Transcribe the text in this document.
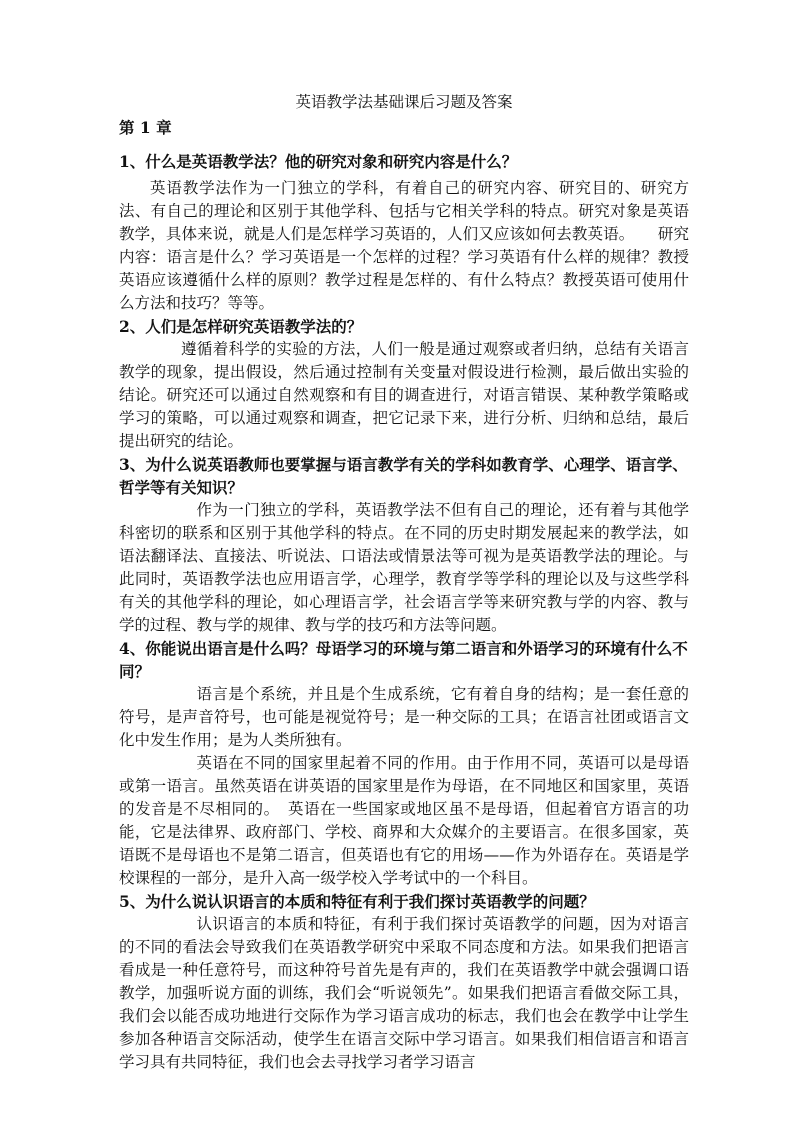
英语教学法基础课后习题及答案
第 1 章
1、什么是英语教学法？他的研究对象和研究内容是什么？

英语教学法作为一门独立的学科，有着自己的研究内容、研究目的、研究方法、有自己的理论和区别于其他学科、包括与它相关学科的特点。研究对象是英语教学，具体来说，就是人们是怎样学习英语的，人们又应该如何去教英语。　　研究内容：语言是什么？学习英语是一个怎样的过程？学习英语有什么样的规律？教授英语应该遵循什么样的原则？教学过程是怎样的、有什么特点？教授英语可使用什么方法和技巧？等等。

2、人们是怎样研究英语教学法的？

遵循着科学的实验的方法，人们一般是通过观察或者归纳，总结有关语言教学的现象，提出假设，然后通过控制有关变量对假设进行检测，最后做出实验的结论。研究还可以通过自然观察和有目的调查进行，对语言错误、某种教学策略或学习的策略，可以通过观察和调查，把它记录下来，进行分析、归纳和总结，最后提出研究的结论。

3、为什么说英语教师也要掌握与语言教学有关的学科如教育学、心理学、语言学、哲学等有关知识？

作为一门独立的学科，英语教学法不但有自己的理论，还有着与其他学科密切的联系和区别于其他学科的特点。在不同的历史时期发展起来的教学法，如语法翻译法、直接法、听说法、口语法或情景法等可视为是英语教学法的理论。与此同时，英语教学法也应用语言学，心理学，教育学等学科的理论以及与这些学科有关的其他学科的理论，如心理语言学，社会语言学等来研究教与学的内容、教与学的过程、教与学的规律、教与学的技巧和方法等问题。

4、你能说出语言是什么吗？母语学习的环境与第二语言和外语学习的环境有什么不同？

语言是个系统，并且是个生成系统，它有着自身的结构；是一套任意的符号，是声音符号，也可能是视觉符号；是一种交际的工具；在语言社团或语言文化中发生作用；是为人类所独有。

英语在不同的国家里起着不同的作用。由于作用不同，英语可以是母语或第一语言。虽然英语在讲英语的国家里是作为母语，在不同地区和国家里，英语的发音是不尽相同的。　英语在一些国家或地区虽不是母语，但起着官方语言的功能，它是法律界、政府部门、学校、商界和大众媒介的主要语言。在很多国家，英语既不是母语也不是第二语言，但英语也有它的用场——作为外语存在。英语是学校课程的一部分，是升入高一级学校入学考试中的一个科目。

5、为什么说认识语言的本质和特征有利于我们探讨英语教学的问题？

认识语言的本质和特征，有利于我们探讨英语教学的问题，因为对语言的不同的看法会导致我们在英语教学研究中采取不同态度和方法。如果我们把语言看成是一种任意符号，而这种符号首先是有声的，我们在英语教学中就会强调口语教学，加强听说方面的训练，我们会“听说领先”。如果我们把语言看做交际工具，我们会以能否成功地进行交际作为学习语言成功的标志，我们也会在教学中让学生参加各种语言交际活动，使学生在语言交际中学习语言。如果我们相信语言和语言学习具有共同特征，我们也会去寻找学习者学习语言
